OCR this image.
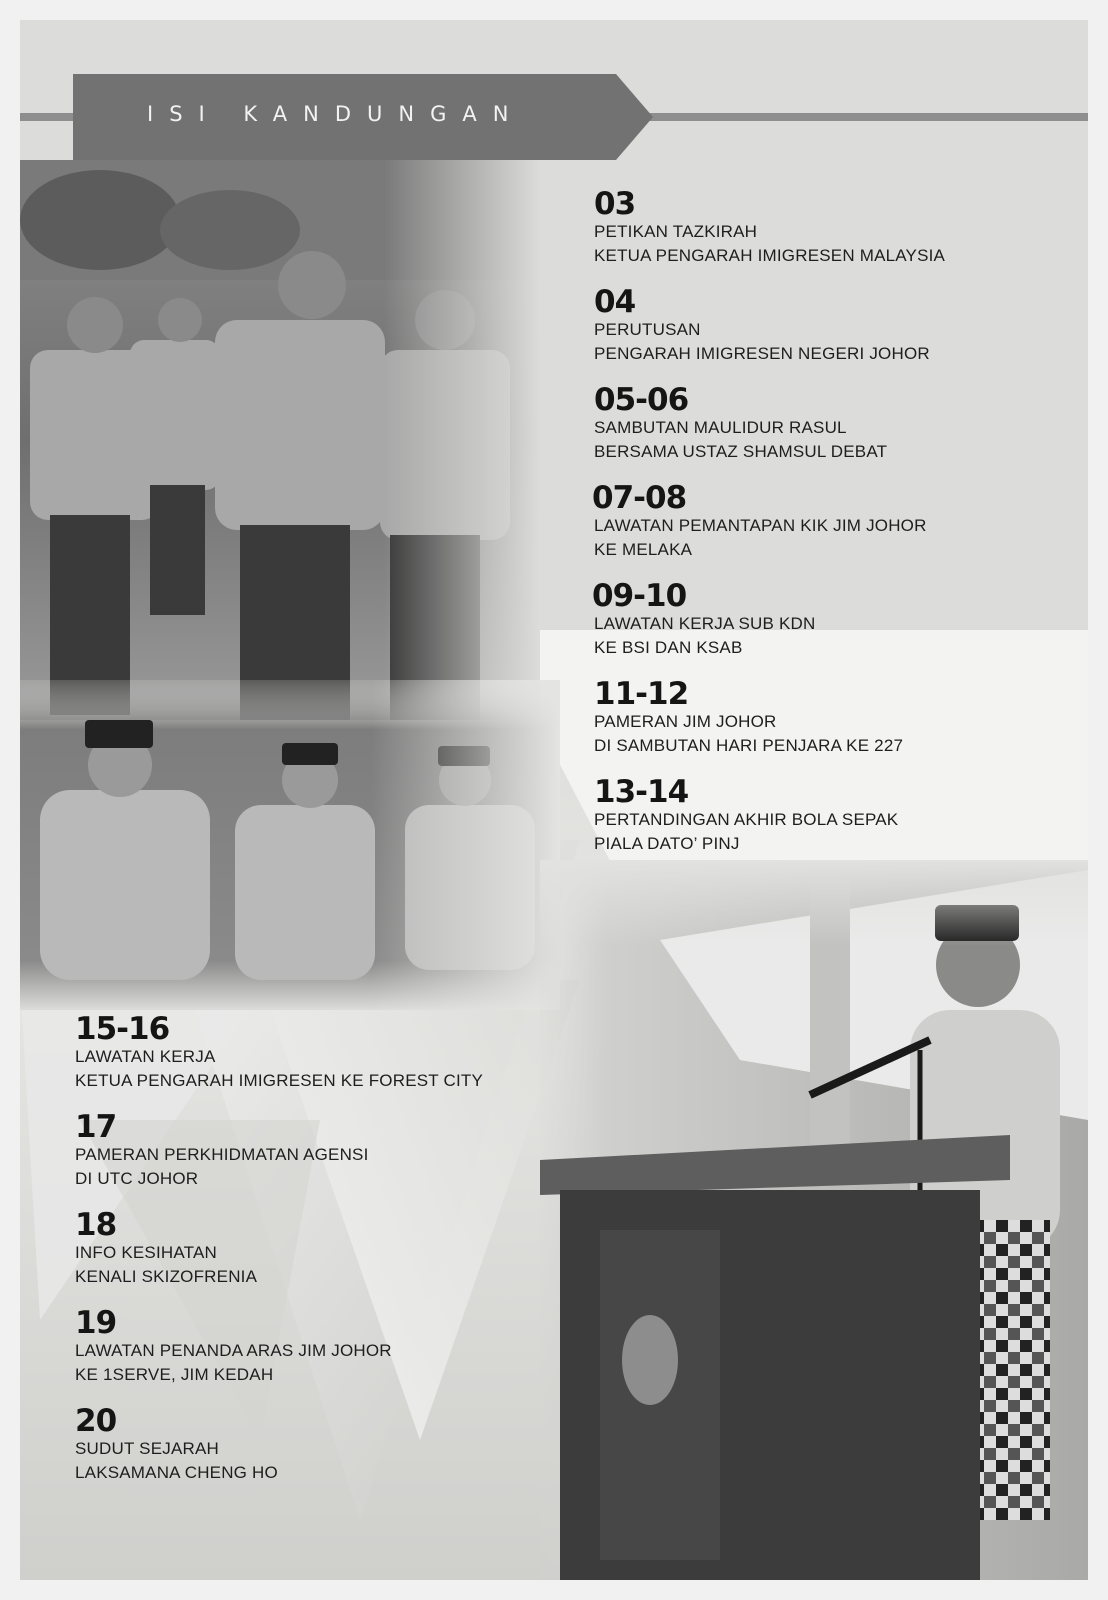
ISI KANDUNGAN
03
PETIKAN TAZKIRAH
KETUA PENGARAH IMIGRESEN MALAYSIA
04
PERUTUSAN
PENGARAH IMIGRESEN NEGERI JOHOR
05-06
SAMBUTAN MAULIDUR RASUL
BERSAMA USTAZ SHAMSUL DEBAT
07-08
LAWATAN PEMANTAPAN KIK JIM JOHOR
KE MELAKA
09-10
LAWATAN KERJA SUB KDN
KE BSI DAN KSAB
11-12
PAMERAN JIM JOHOR
DI SAMBUTAN HARI PENJARA KE 227
13-14
PERTANDINGAN AKHIR BOLA SEPAK
PIALA DATO’ PINJ
15-16
LAWATAN KERJA
KETUA PENGARAH IMIGRESEN KE FOREST CITY
17
PAMERAN PERKHIDMATAN AGENSI
DI UTC JOHOR
18
INFO KESIHATAN
KENALI SKIZOFRENIA
19
LAWATAN PENANDA ARAS JIM JOHOR
KE 1SERVE, JIM KEDAH
20
SUDUT SEJARAH
LAKSAMANA CHENG HO
